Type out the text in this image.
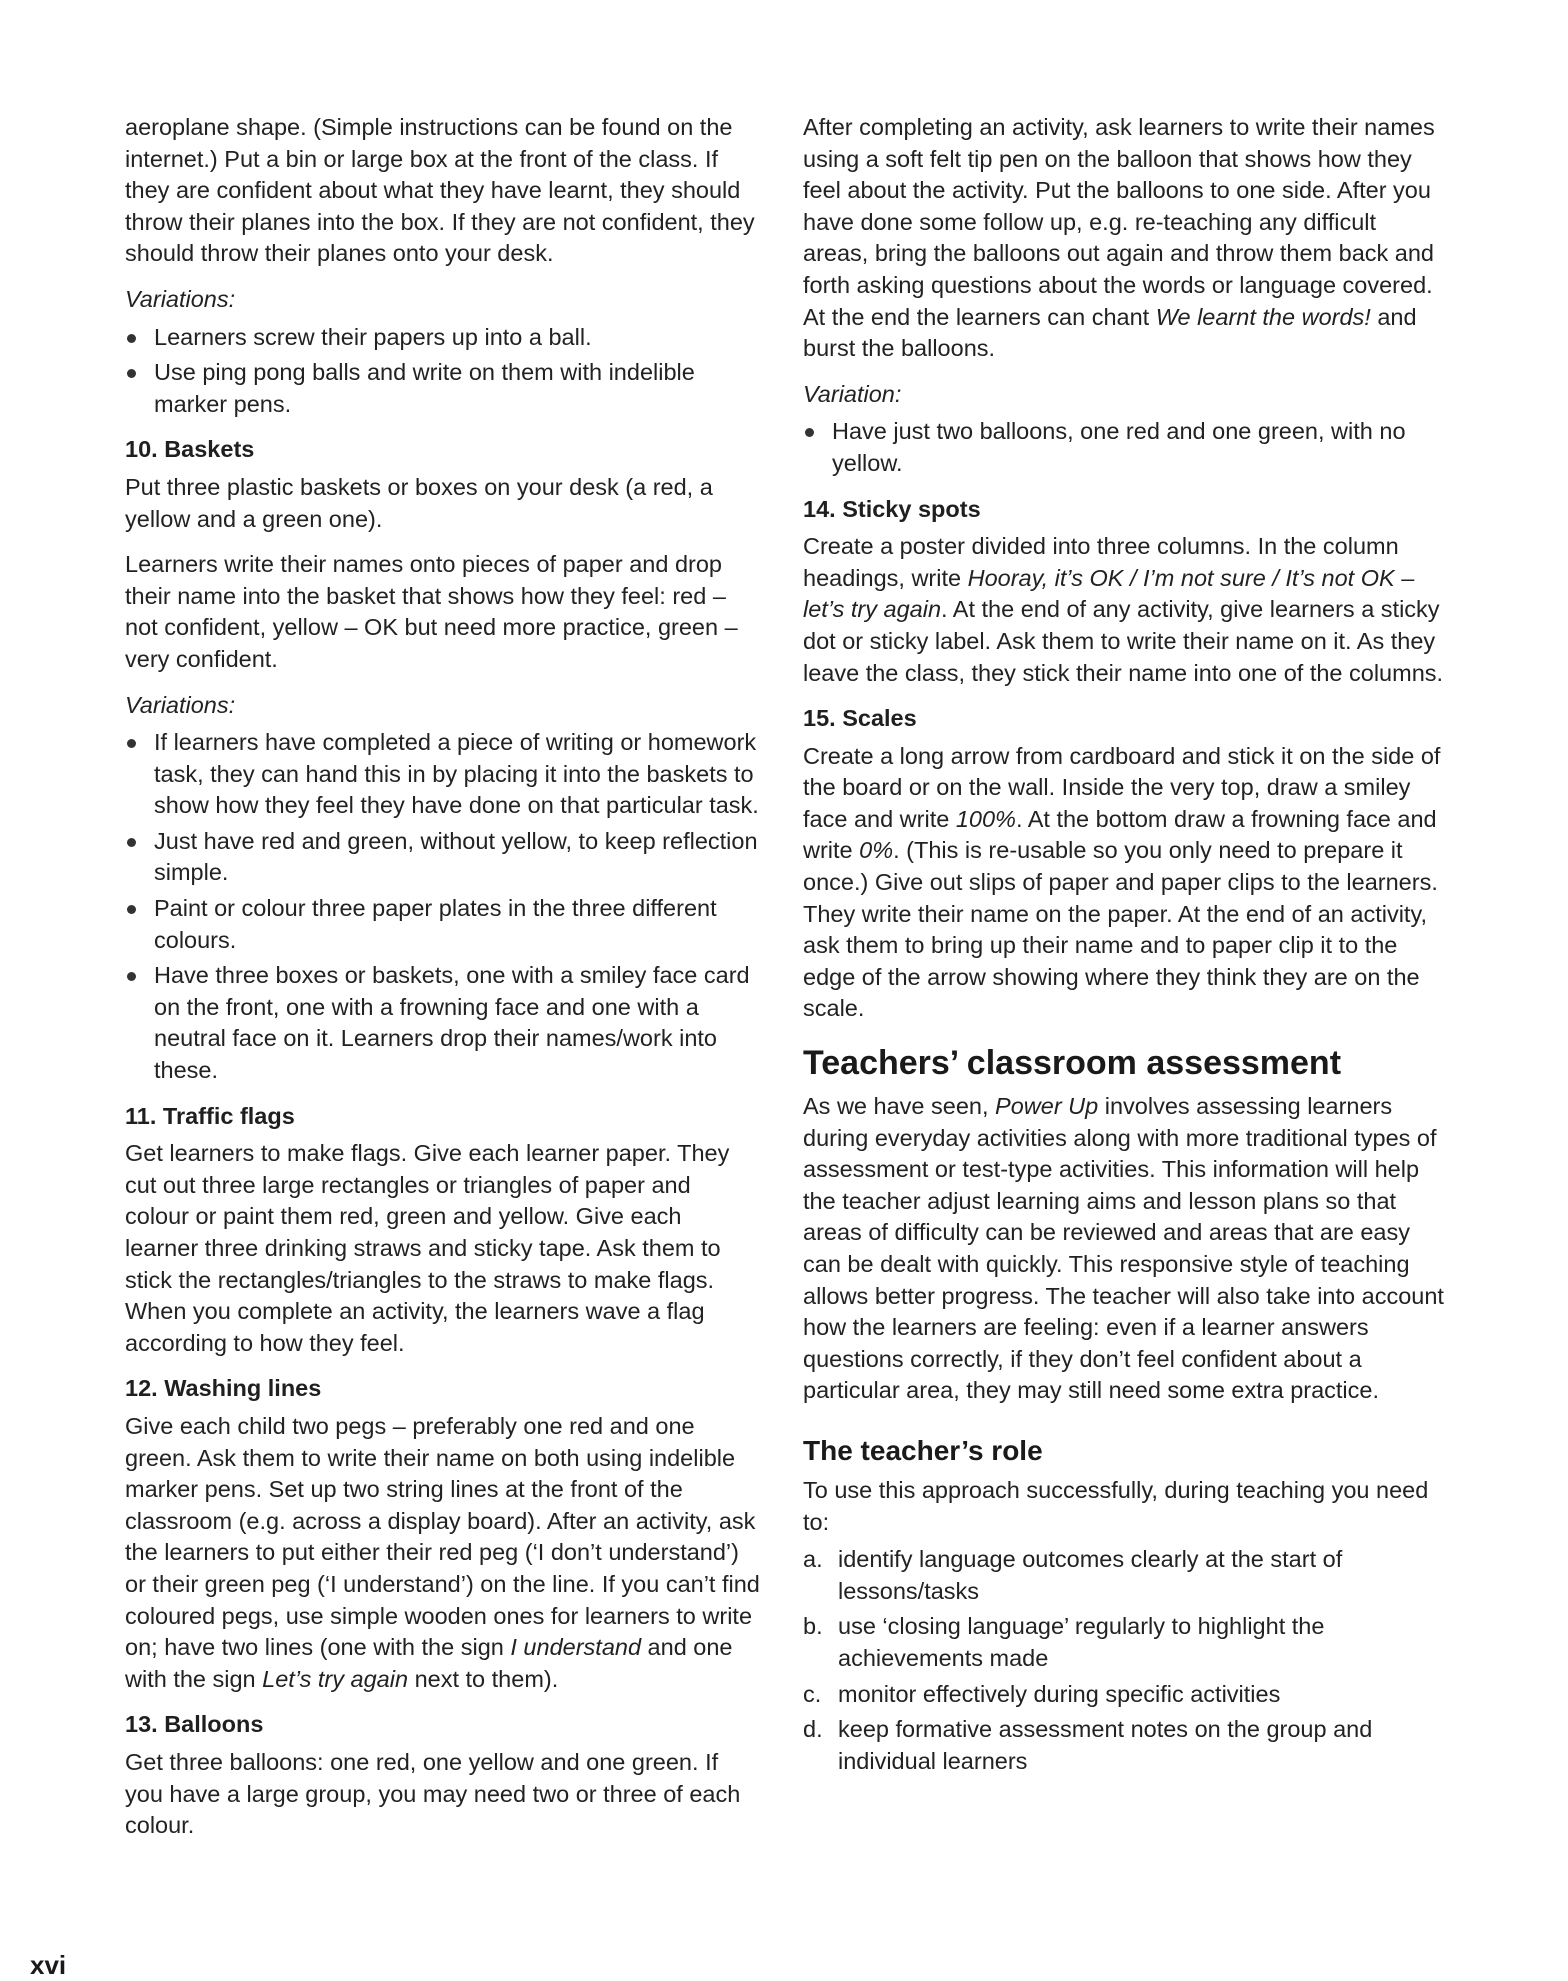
aeroplane shape. (Simple instructions can be found on the internet.) Put a bin or large box at the front of the class. If they are confident about what they have learnt, they should throw their planes into the box. If they are not confident, they should throw their planes onto your desk.

Variations:
Learners screw their papers up into a ball.
Use ping pong balls and write on them with indelible marker pens.
10. Baskets

Put three plastic baskets or boxes on your desk (a red, a yellow and a green one).

Learners write their names onto pieces of paper and drop their name into the basket that shows how they feel: red – not confident, yellow – OK but need more practice, green – very confident.

Variations:
If learners have completed a piece of writing or homework task, they can hand this in by placing it into the baskets to show how they feel they have done on that particular task.
Just have red and green, without yellow, to keep reflection simple.
Paint or colour three paper plates in the three different colours.
Have three boxes or baskets, one with a smiley face card on the front, one with a frowning face and one with a neutral face on it. Learners drop their names/work into these.
11. Traffic flags

Get learners to make flags. Give each learner paper. They cut out three large rectangles or triangles of paper and colour or paint them red, green and yellow. Give each learner three drinking straws and sticky tape. Ask them to stick the rectangles/triangles to the straws to make flags. When you complete an activity, the learners wave a flag according to how they feel.

12. Washing lines

Give each child two pegs – preferably one red and one green. Ask them to write their name on both using indelible marker pens. Set up two string lines at the front of the classroom (e.g. across a display board). After an activity, ask the learners to put either their red peg (‘I don’t understand’) or their green peg (‘I understand’) on the line. If you can’t find coloured pegs, use simple wooden ones for learners to write on; have two lines (one with the sign I understand and one with the sign Let’s try again next to them).

13. Balloons

Get three balloons: one red, one yellow and one green. If you have a large group, you may need two or three of each colour.

After completing an activity, ask learners to write their names using a soft felt tip pen on the balloon that shows how they feel about the activity. Put the balloons to one side. After you have done some follow up, e.g. re-teaching any difficult areas, bring the balloons out again and throw them back and forth asking questions about the words or language covered. At the end the learners can chant We learnt the words! and burst the balloons.

Variation:
Have just two balloons, one red and one green, with no yellow.
14. Sticky spots

Create a poster divided into three columns. In the column headings, write Hooray, it’s OK / I’m not sure / It’s not OK – let’s try again. At the end of any activity, give learners a sticky dot or sticky label. Ask them to write their name on it. As they leave the class, they stick their name into one of the columns.

15. Scales

Create a long arrow from cardboard and stick it on the side of the board or on the wall. Inside the very top, draw a smiley face and write 100%. At the bottom draw a frowning face and write 0%. (This is re-usable so you only need to prepare it once.) Give out slips of paper and paper clips to the learners. They write their name on the paper. At the end of an activity, ask them to bring up their name and to paper clip it to the edge of the arrow showing where they think they are on the scale.

Teachers’ classroom assessment

As we have seen, Power Up involves assessing learners during everyday activities along with more traditional types of assessment or test-type activities. This information will help the teacher adjust learning aims and lesson plans so that areas of difficulty can be reviewed and areas that are easy can be dealt with quickly. This responsive style of teaching allows better progress. The teacher will also take into account how the learners are feeling: even if a learner answers questions correctly, if they don’t feel confident about a particular area, they may still need some extra practice.

The teacher’s role

To use this approach successfully, during teaching you need to:

a. identify language outcomes clearly at the start of lessons/tasks
b. use ‘closing language’ regularly to highlight the achievements made
c. monitor effectively during specific activities
d. keep formative assessment notes on the group and individual learners
xvi
